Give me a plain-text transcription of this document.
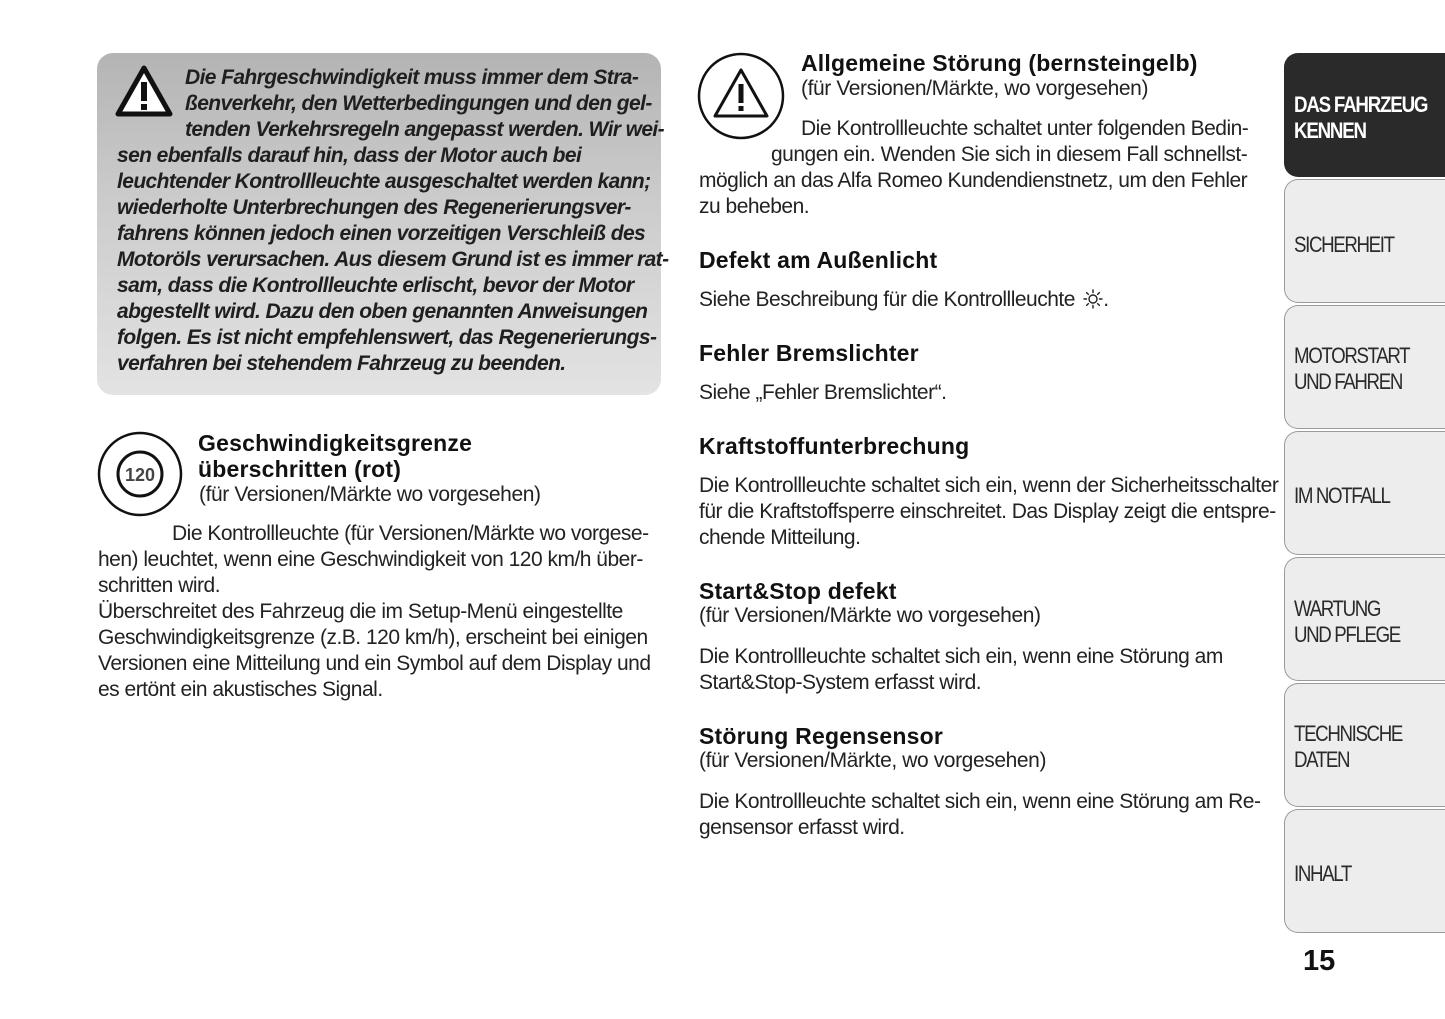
Die Fahrgeschwindigkeit muss immer dem Stra-
ßenverkehr, den Wetterbedingungen und den gel-
tenden Verkehrsregeln angepasst werden. Wir wei-
sen ebenfalls darauf hin, dass der Motor auch bei
leuchtender Kontrollleuchte ausgeschaltet werden kann;
wiederholte Unterbrechungen des Regenerierungsver-
fahrens können jedoch einen vorzeitigen Verschleiß des
Motoröls verursachen. Aus diesem Grund ist es immer rat-
sam, dass die Kontrollleuchte erlischt, bevor der Motor
abgestellt wird. Dazu den oben genannten Anweisungen
folgen. Es ist nicht empfehlenswert, das Regenerierungs-
verfahren bei stehendem Fahrzeug zu beenden.
120
Geschwindigkeitsgrenze
überschritten (rot)
(für Versionen/Märkte wo vorgesehen)
Die Kontrollleuchte (für Versionen/Märkte wo vorgese-
hen) leuchtet, wenn eine Geschwindigkeit von 120 km/h über-
schritten wird.
Überschreitet des Fahrzeug die im Setup-Menü eingestellte
Geschwindigkeitsgrenze (z.B. 120 km/h), erscheint bei einigen
Versionen eine Mitteilung und ein Symbol auf dem Display und
es ertönt ein akustisches Signal.
Allgemeine Störung (bernsteingelb)
(für Versionen/Märkte, wo vorgesehen)
Die Kontrollleuchte schaltet unter folgenden Bedin-
gungen ein. Wenden Sie sich in diesem Fall schnellst-
möglich an das Alfa Romeo Kundendienstnetz, um den Fehler
zu beheben.
Defekt am Außenlicht
Siehe Beschreibung für die Kontrollleuchte .
Fehler Bremslichter
Siehe „Fehler Bremslichter“.
Kraftstoffunterbrechung
Die Kontrollleuchte schaltet sich ein, wenn der Sicherheitsschalter
für die Kraftstoffsperre einschreitet. Das Display zeigt die entspre-
chende Mitteilung.
Start&Stop defekt
(für Versionen/Märkte wo vorgesehen)
Die Kontrollleuchte schaltet sich ein, wenn eine Störung am
Start&Stop-System erfasst wird.
Störung Regensensor
(für Versionen/Märkte, wo vorgesehen)
Die Kontrollleuchte schaltet sich ein, wenn eine Störung am Re-
gensensor erfasst wird.
DAS FAHRZEUG
KENNEN
SICHERHEIT
MOTORSTART
UND FAHREN
IM NOTFALL
WARTUNG
UND PFLEGE
TECHNISCHE
DATEN
INHALT
15
